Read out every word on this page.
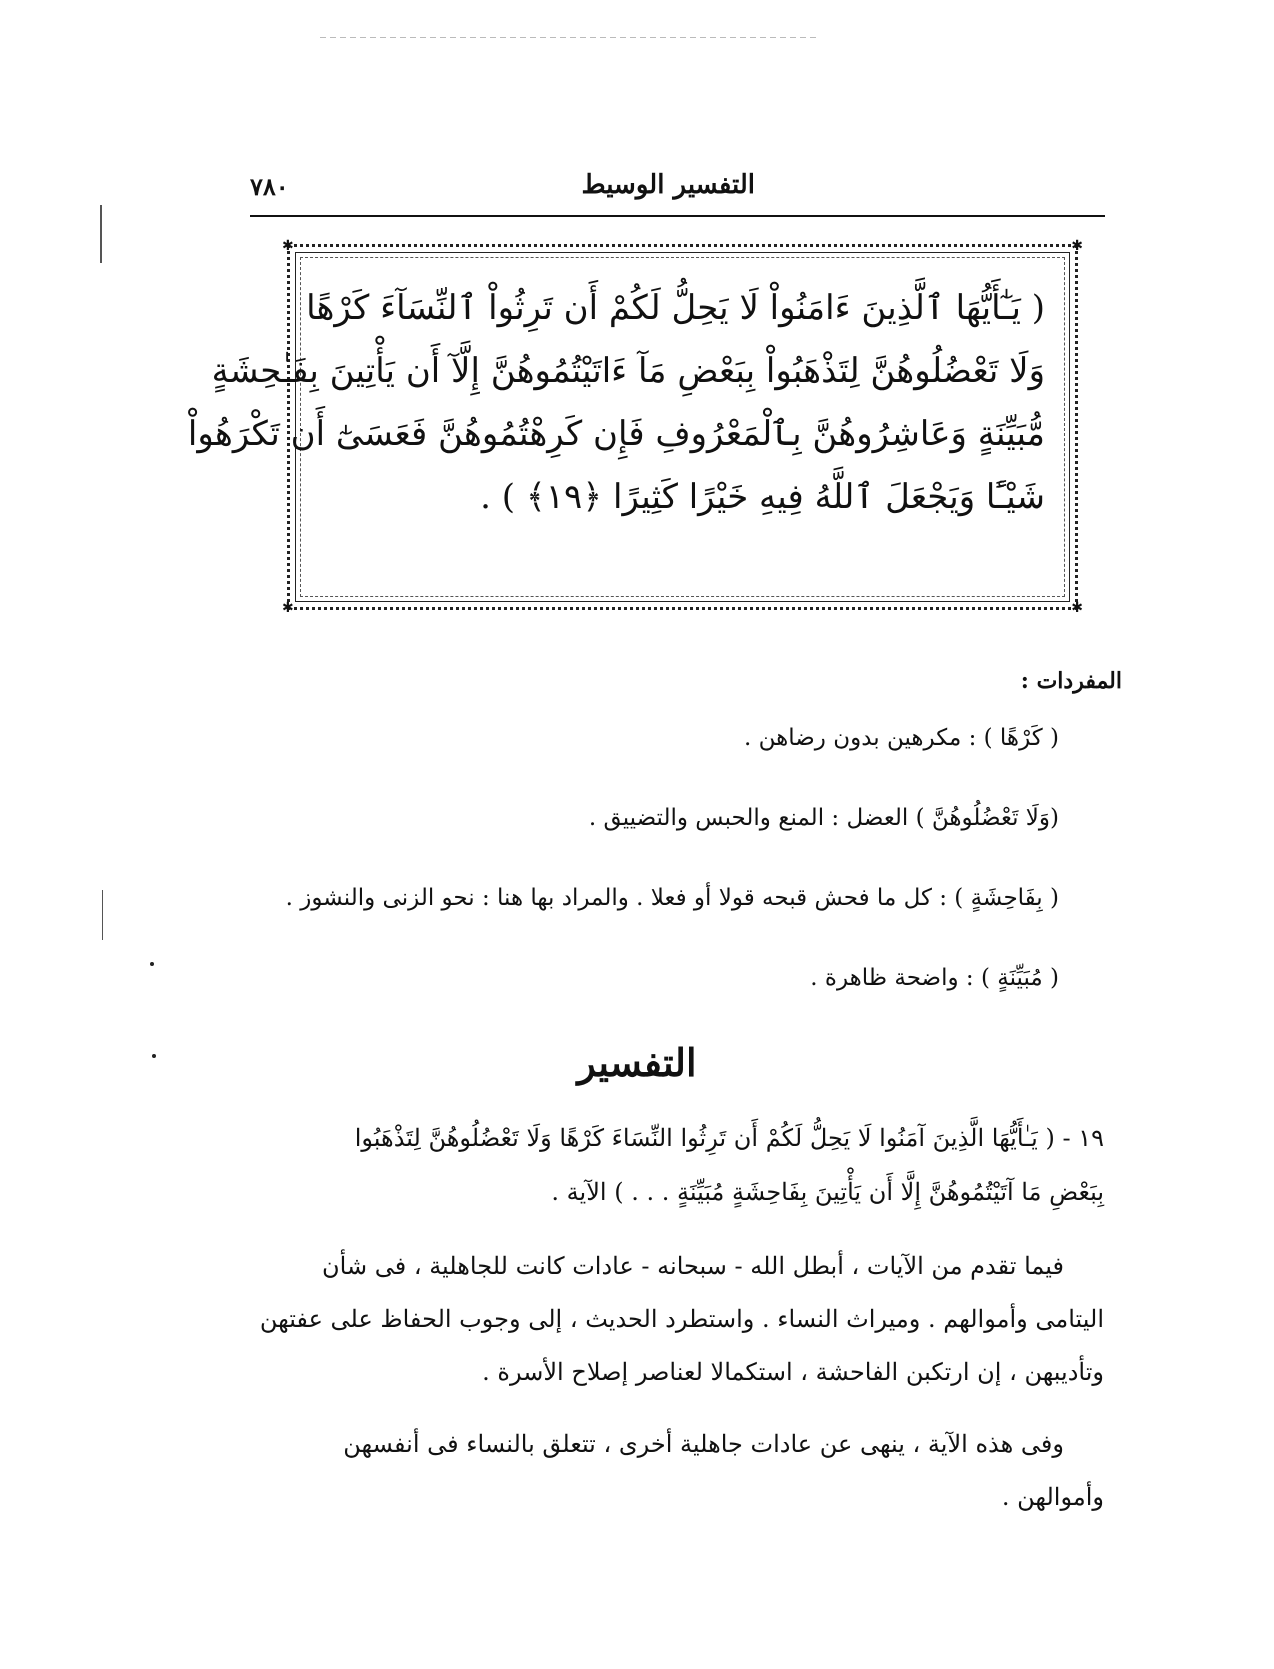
التفسير الوسيط
٧٨٠
✱	✱
✱	✱
( يَـٰٓأَيُّهَا ٱلَّذِينَ ءَامَنُواْ لَا يَحِلُّ لَكُمْ أَن تَرِثُواْ ٱلنِّسَآءَ كَرْهًا
وَلَا تَعْضُلُوهُنَّ لِتَذْهَبُواْ بِبَعْضِ مَآ ءَاتَيْتُمُوهُنَّ إِلَّآ أَن يَأْتِينَ بِفَـٰحِشَةٍ
مُّبَيِّنَةٍ وَعَاشِرُوهُنَّ بِٱلْمَعْرُوفِ فَإِن كَرِهْتُمُوهُنَّ فَعَسَىٰٓ أَن تَكْرَهُواْ
شَيْـًٔا وَيَجْعَلَ ٱللَّهُ فِيهِ خَيْرًا كَثِيرًا ﴿١٩﴾ ) .
المفردات :
( كَرْهًا ) : مكرهين بدون رضاهن .
(وَلَا تَعْضُلُوهُنَّ ) العضل : المنع والحبس والتضييق .
( بِفَاحِشَةٍ ) : كل ما فحش قبحه قولا أو فعلا . والمراد بها هنا : نحو الزنى والنشوز .
( مُبَيِّنَةٍ ) : واضحة ظاهرة .
التفسير
١٩ - ( يَـٰأَيُّهَا الَّذِينَ آمَنُوا لَا يَحِلُّ لَكُمْ أَن تَرِثُوا النِّسَاءَ كَرْهًا وَلَا تَعْضُلُوهُنَّ لِتَذْهَبُوا
بِبَعْضِ مَا آتَيْتُمُوهُنَّ إِلَّا أَن يَأْتِينَ بِفَاحِشَةٍ مُبَيِّنَةٍ . . . ) الآية .
فيما تقدم من الآيات ، أبطل الله - سبحانه - عادات كانت للجاهلية ، فى شأن
اليتامى وأموالهم . وميراث النساء . واستطرد الحديث ، إلى وجوب الحفاظ على عفتهن
وتأديبهن ، إن ارتكبن الفاحشة ، استكمالا لعناصر إصلاح الأسرة .
وفى هذه الآية ، ينهى عن عادات جاهلية أخرى ، تتعلق بالنساء فى أنفسهن
وأموالهن .
